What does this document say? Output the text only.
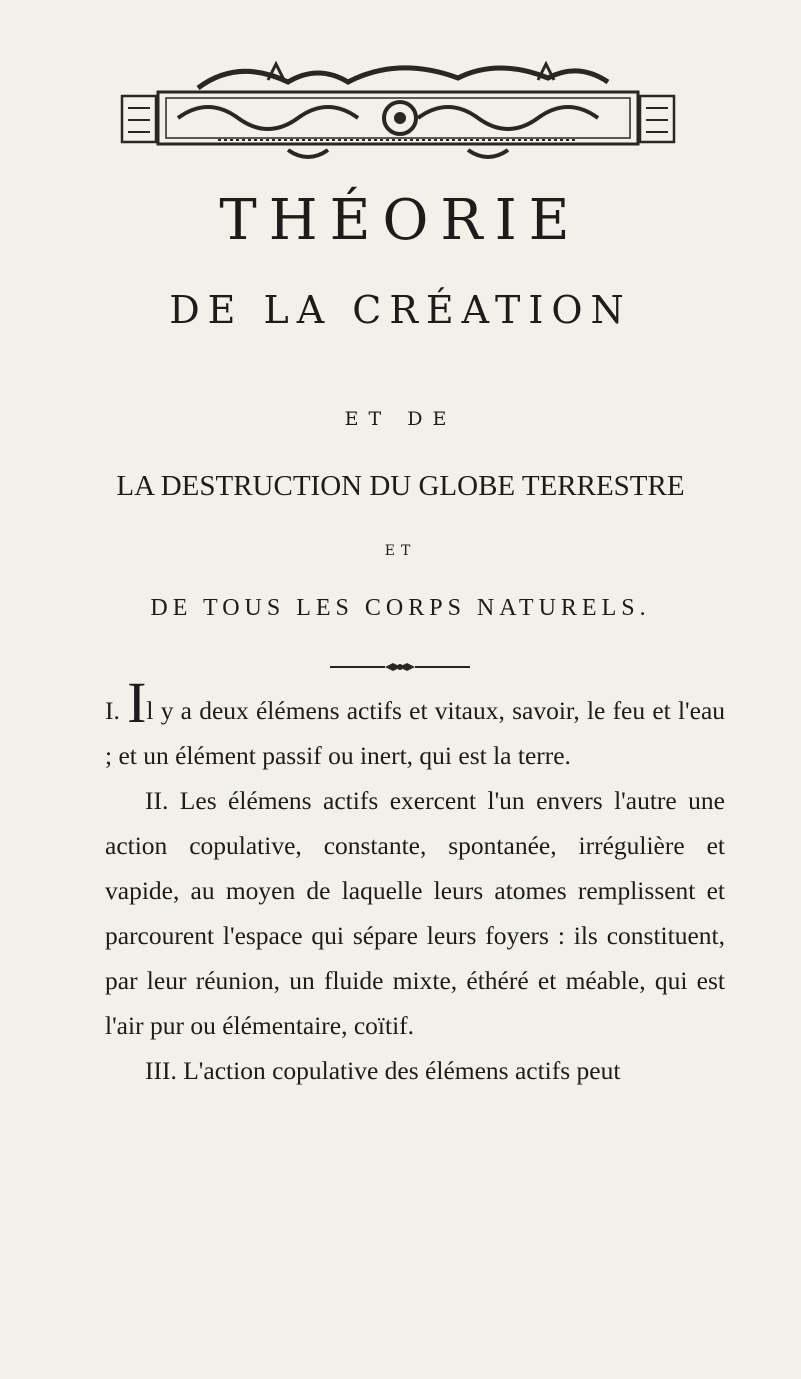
THÉORIE
DE LA CRÉATION
ET DE
LA DESTRUCTION DU GLOBE TERRESTRE
ET
DE TOUS LES CORPS NATURELS.

I. Il y a deux élémens actifs et vitaux, savoir, le feu et l'eau ; et un élément passif ou inert, qui est la terre.

II. Les élémens actifs exercent l'un envers l'autre une action copulative, constante, spontanée, irrégulière et vapide, au moyen de laquelle leurs atomes remplissent et parcourent l'espace qui sépare leurs foyers : ils constituent, par leur réunion, un fluide mixte, éthéré et méable, qui est l'air pur ou élémentaire, coïtif.

III. L'action copulative des élémens actifs peut
